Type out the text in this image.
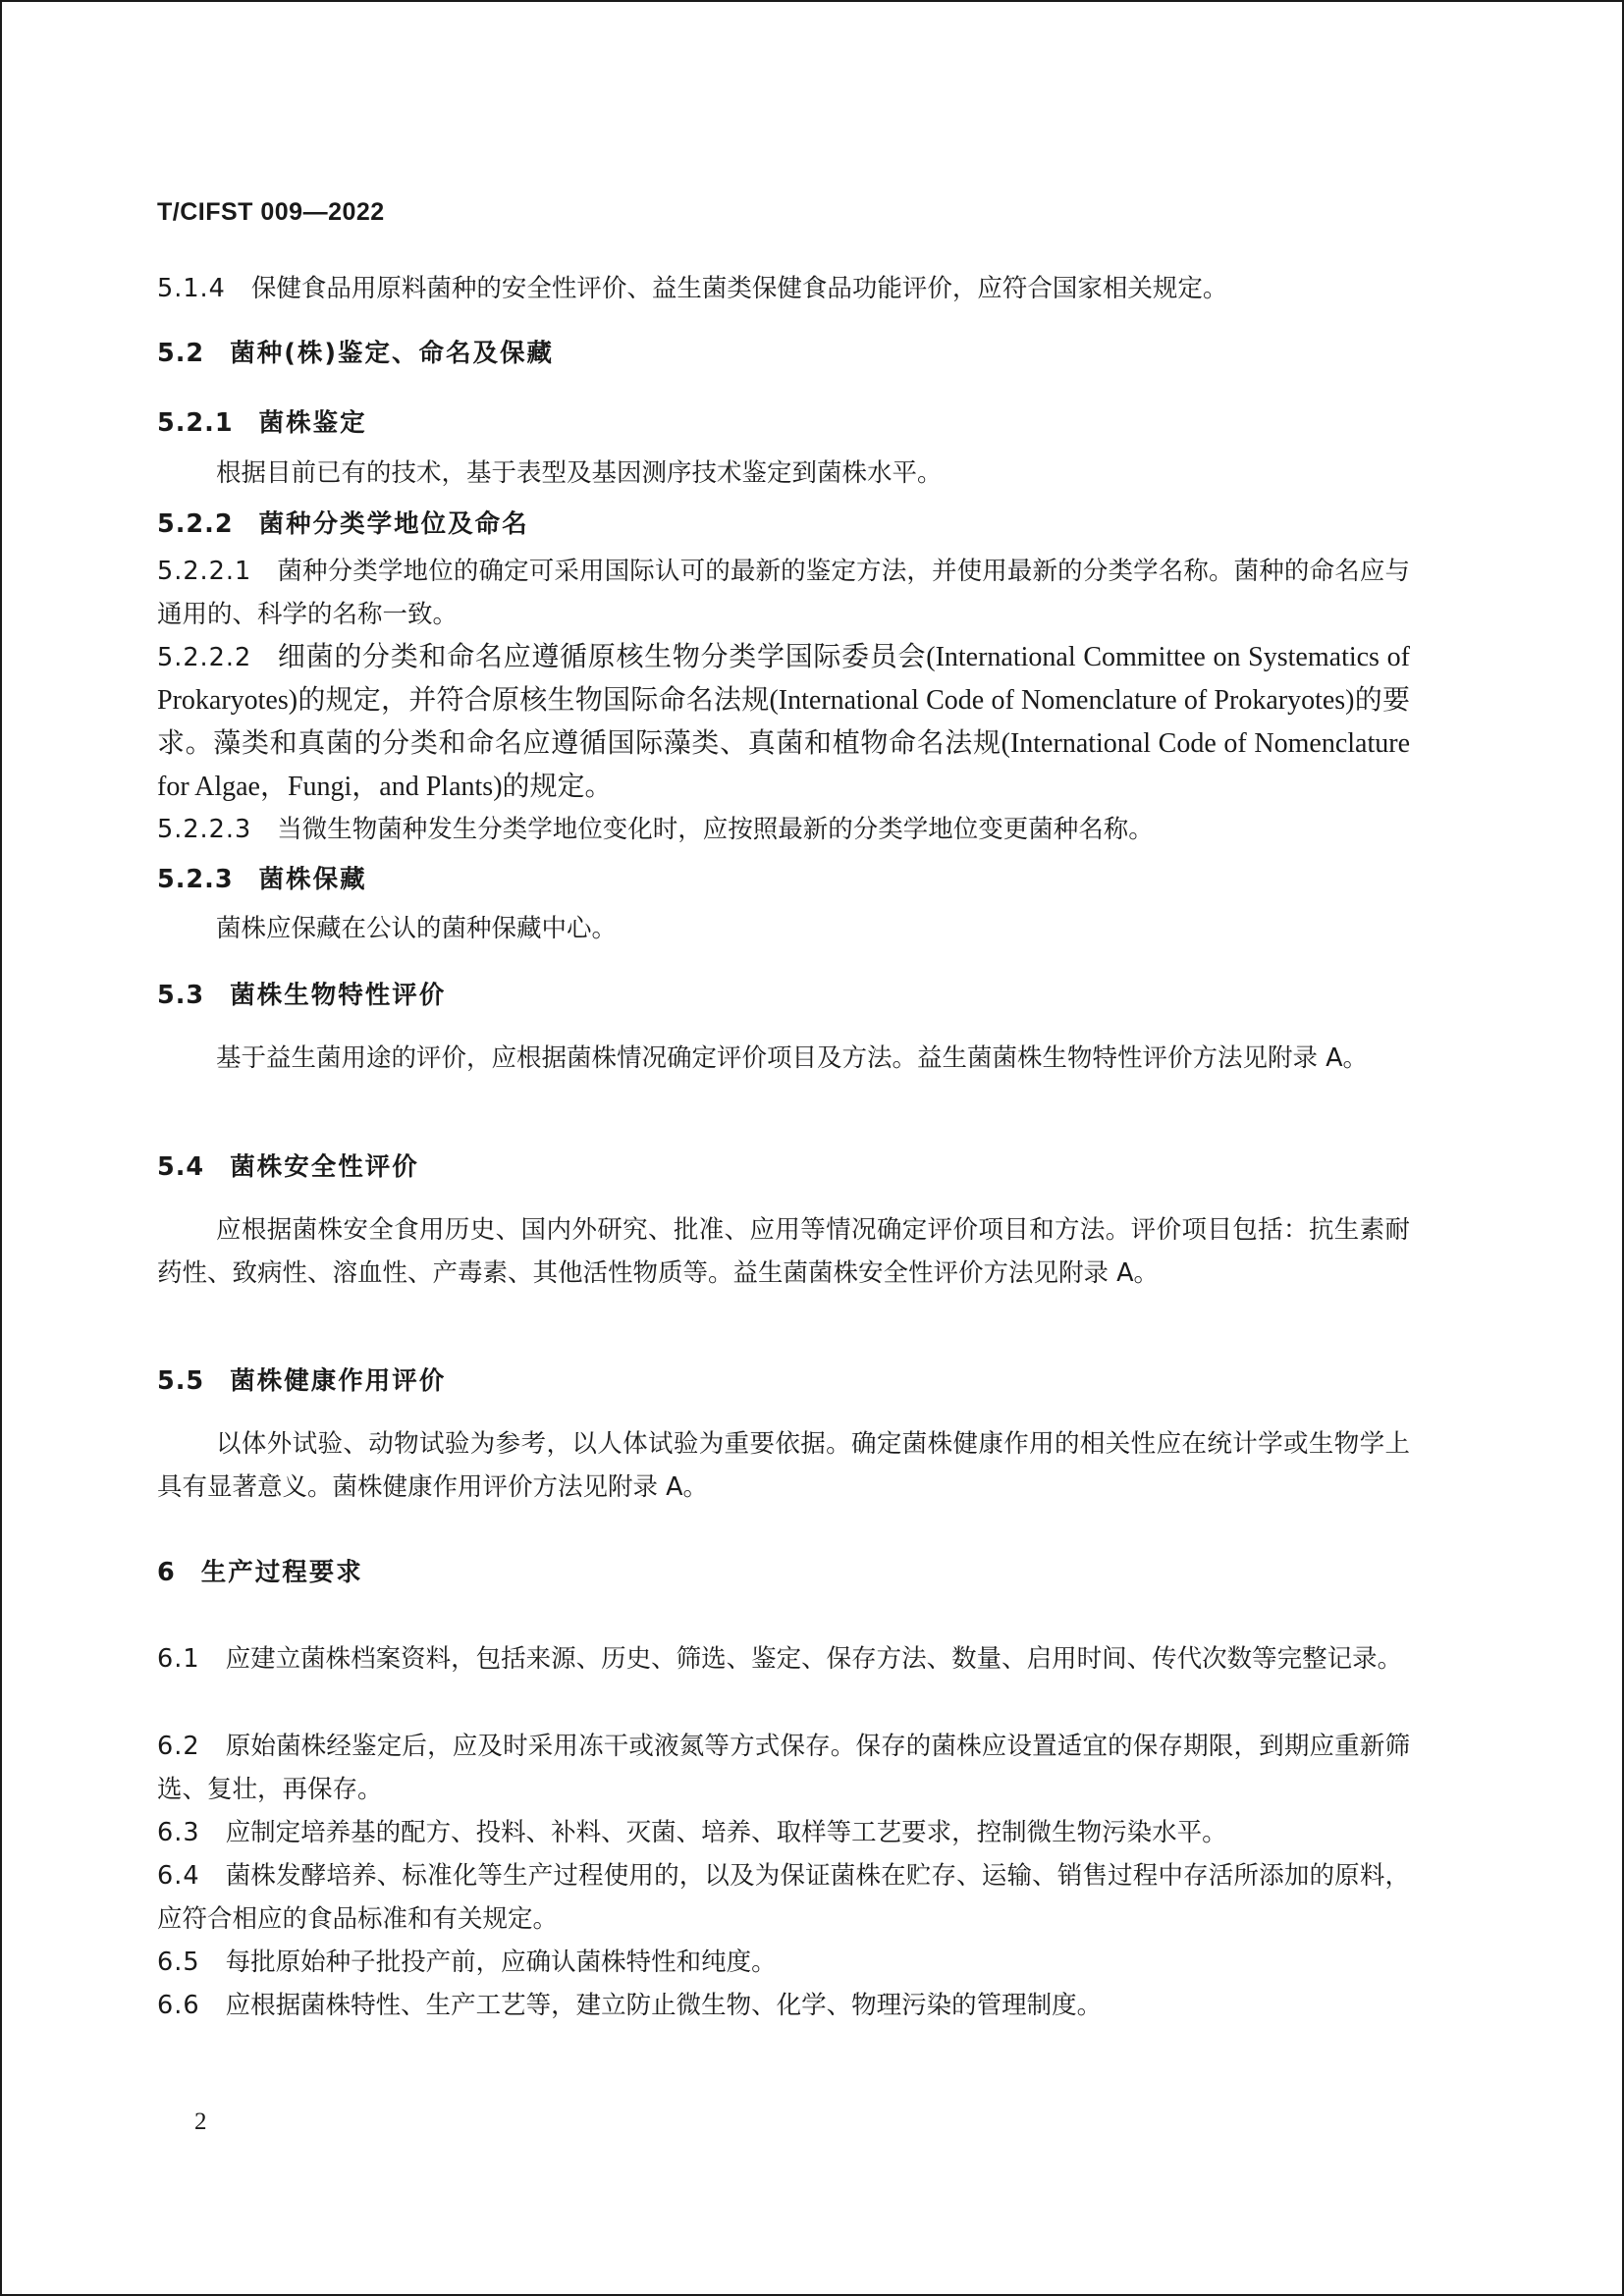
T/CIFST 009—2022

5.1.4 保健食品用原料菌种的安全性评价、益生菌类保健食品功能评价，应符合国家相关规定。

5.2 菌种(株)鉴定、命名及保藏

5.2.1 菌株鉴定

根据目前已有的技术，基于表型及基因测序技术鉴定到菌株水平。

5.2.2 菌种分类学地位及命名

5.2.2.1 菌种分类学地位的确定可采用国际认可的最新的鉴定方法，并使用最新的分类学名称。菌种的命名应与通用的、科学的名称一致。

5.2.2.2 细菌的分类和命名应遵循原核生物分类学国际委员会(International Committee on Systematics of Prokaryotes)的规定，并符合原核生物国际命名法规(International Code of Nomenclature of Prokaryotes)的要求。藻类和真菌的分类和命名应遵循国际藻类、真菌和植物命名法规(International Code of Nomenclature for Algae，Fungi，and Plants)的规定。

5.2.2.3 当微生物菌种发生分类学地位变化时，应按照最新的分类学地位变更菌种名称。

5.2.3 菌株保藏

菌株应保藏在公认的菌种保藏中心。

5.3 菌株生物特性评价

基于益生菌用途的评价，应根据菌株情况确定评价项目及方法。益生菌菌株生物特性评价方法见附录 A。

5.4 菌株安全性评价

应根据菌株安全食用历史、国内外研究、批准、应用等情况确定评价项目和方法。评价项目包括：抗生素耐药性、致病性、溶血性、产毒素、其他活性物质等。益生菌菌株安全性评价方法见附录 A。

5.5 菌株健康作用评价

以体外试验、动物试验为参考，以人体试验为重要依据。确定菌株健康作用的相关性应在统计学或生物学上具有显著意义。菌株健康作用评价方法见附录 A。

6 生产过程要求

6.1 应建立菌株档案资料，包括来源、历史、筛选、鉴定、保存方法、数量、启用时间、传代次数等完整记录。

6.2 原始菌株经鉴定后，应及时采用冻干或液氮等方式保存。保存的菌株应设置适宜的保存期限，到期应重新筛选、复壮，再保存。

6.3 应制定培养基的配方、投料、补料、灭菌、培养、取样等工艺要求，控制微生物污染水平。

6.4 菌株发酵培养、标准化等生产过程使用的，以及为保证菌株在贮存、运输、销售过程中存活所添加的原料，应符合相应的食品标准和有关规定。

6.5 每批原始种子批投产前，应确认菌株特性和纯度。

6.6 应根据菌株特性、生产工艺等，建立防止微生物、化学、物理污染的管理制度。

2
